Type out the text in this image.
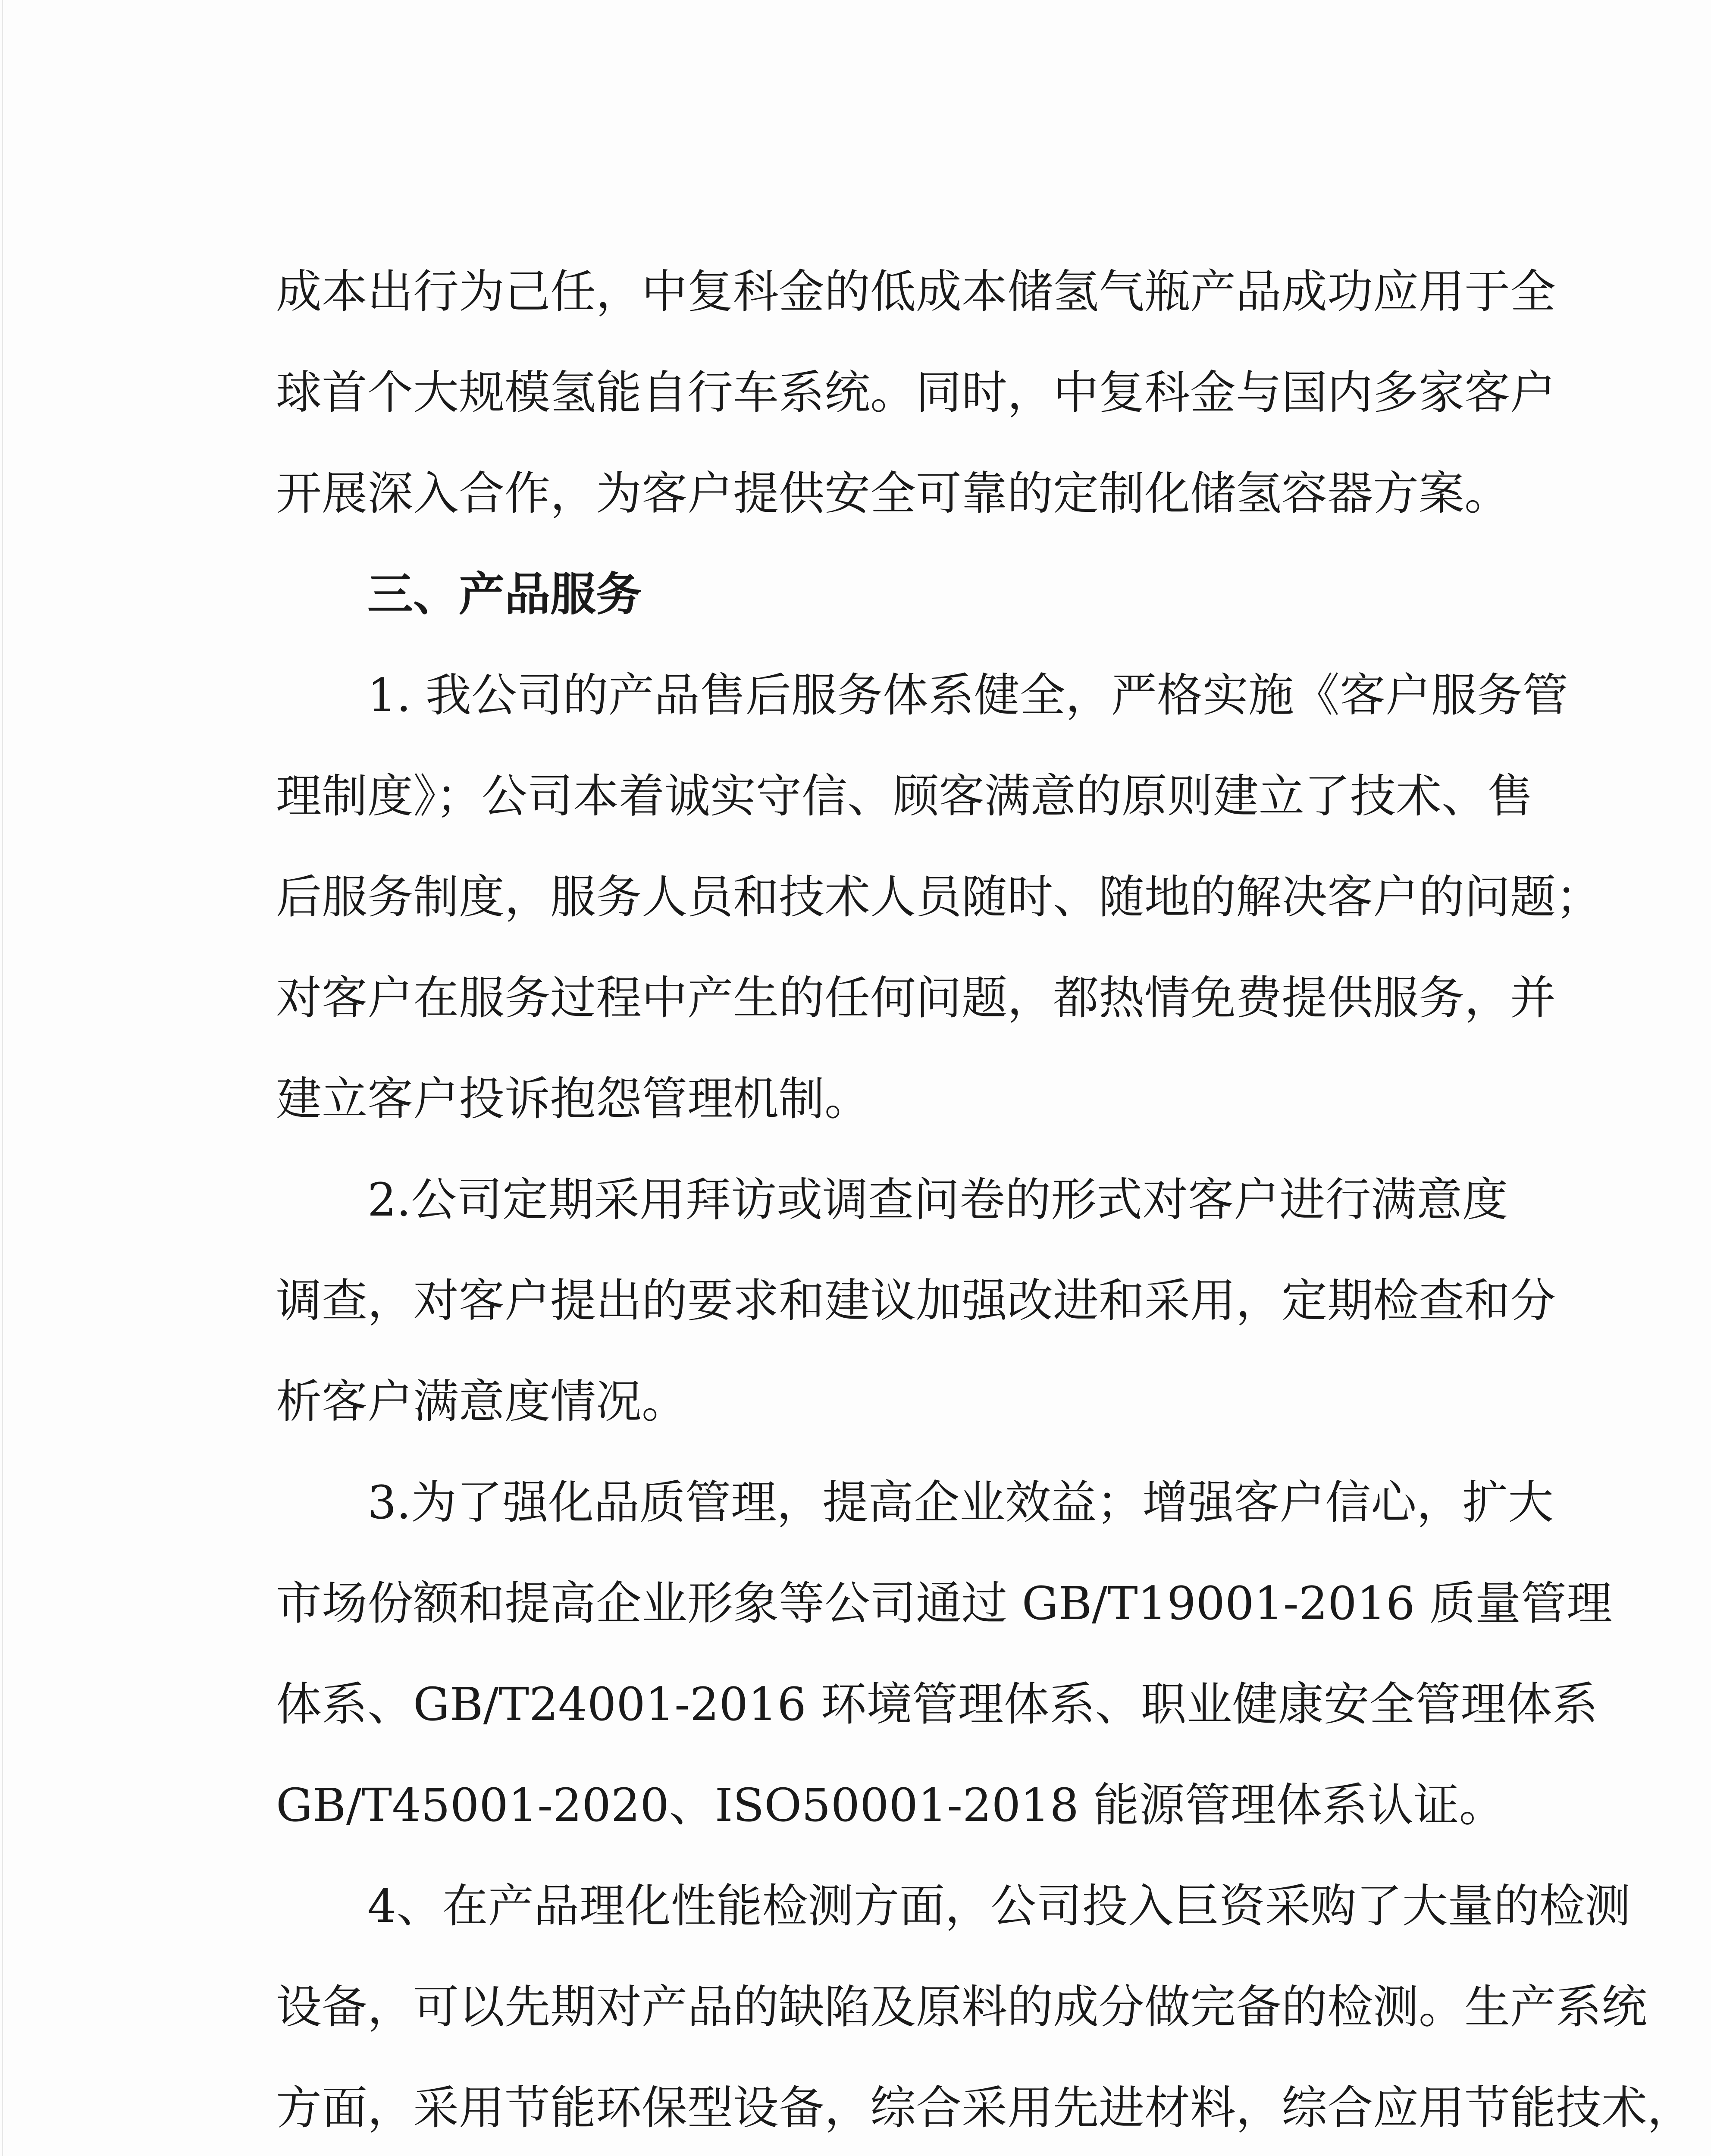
成本出行为己任，中复科金的低成本储氢气瓶产品成功应用于全
球首个大规模氢能自行车系统。同时，中复科金与国内多家客户
开展深入合作，为客户提供安全可靠的定制化储氢容器方案。
三、产品服务
1. 我公司的产品售后服务体系健全，严格实施《客户服务管
理制度》；公司本着诚实守信、顾客满意的原则建立了技术、售
后服务制度，服务人员和技术人员随时、随地的解决客户的问题；
对客户在服务过程中产生的任何问题，都热情免费提供服务，并
建立客户投诉抱怨管理机制。
2.公司定期采用拜访或调查问卷的形式对客户进行满意度
调查，对客户提出的要求和建议加强改进和采用，定期检查和分
析客户满意度情况。
3.为了强化品质管理，提高企业效益；增强客户信心，扩大
市场份额和提高企业形象等公司通过 GB/T19001-2016 质量管理
体系、GB/T24001-2016 环境管理体系、职业健康安全管理体系
GB/T45001-2020、ISO50001-2018 能源管理体系认证。
4、在产品理化性能检测方面，公司投入巨资采购了大量的检测
设备，可以先期对产品的缺陷及原料的成分做完备的检测。生产系统
方面，采用节能环保型设备，综合采用先进材料，综合应用节能技术，
